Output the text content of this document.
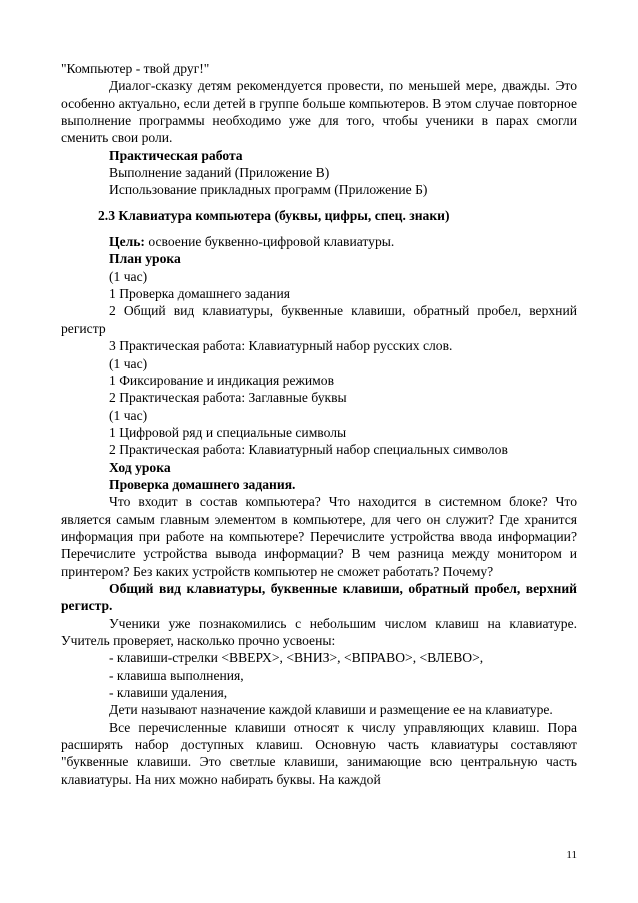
"Компьютер - твой друг!"

Диалог-сказку детям рекомендуется провести, по меньшей мере, дважды. Это особенно актуально, если детей в группе больше компьютеров. В этом случае повторное выполнение программы необходимо уже для того, чтобы ученики в парах смогли сменить свои роли.

Практическая работа

Выполнение заданий (Приложение В)

Использование прикладных программ (Приложение Б)

2.3 Клавиатура компьютера (буквы, цифры, спец. знаки)

Цель: освоение буквенно-цифровой клавиатуры.

План урока

(1 час)

1 Проверка домашнего задания

2 Общий вид клавиатуры, буквенные клавиши, обратный пробел, верхний регистр

3 Практическая работа: Клавиатурный набор русских слов.

(1 час)

1 Фиксирование и индикация режимов

2 Практическая работа: Заглавные буквы

(1 час)

1 Цифровой ряд и специальные символы

2 Практическая работа: Клавиатурный набор специальных символов

Ход урока

Проверка домашнего задания.

Что входит в состав компьютера? Что находится в системном блоке? Что является самым главным элементом в компьютере, для чего он служит? Где хранится информация при работе на компьютере? Перечислите устройства ввода информации? Перечислите устройства вывода информации? В чем разница между монитором и принтером? Без каких устройств компьютер не сможет работать? Почему?

Общий вид клавиатуры, буквенные клавиши, обратный пробел, верхний регистр.

Ученики уже познакомились с небольшим числом клавиш на клавиатуре. Учитель проверяет, насколько прочно усвоены:

- клавиши-стрелки <ВВЕРХ>, <ВНИЗ>, <ВПРАВО>, <ВЛЕВО>,

- клавиша выполнения,

- клавиши удаления,

Дети называют назначение каждой клавиши и размещение ее на клавиатуре.

Все перечисленные клавиши относят к числу управляющих клавиш. Пора расширять набор доступных клавиш. Основную часть клавиатуры составляют "буквенные клавиши. Это светлые клавиши, занимающие всю центральную часть клавиатуры. На них можно набирать буквы. На каждой

11
